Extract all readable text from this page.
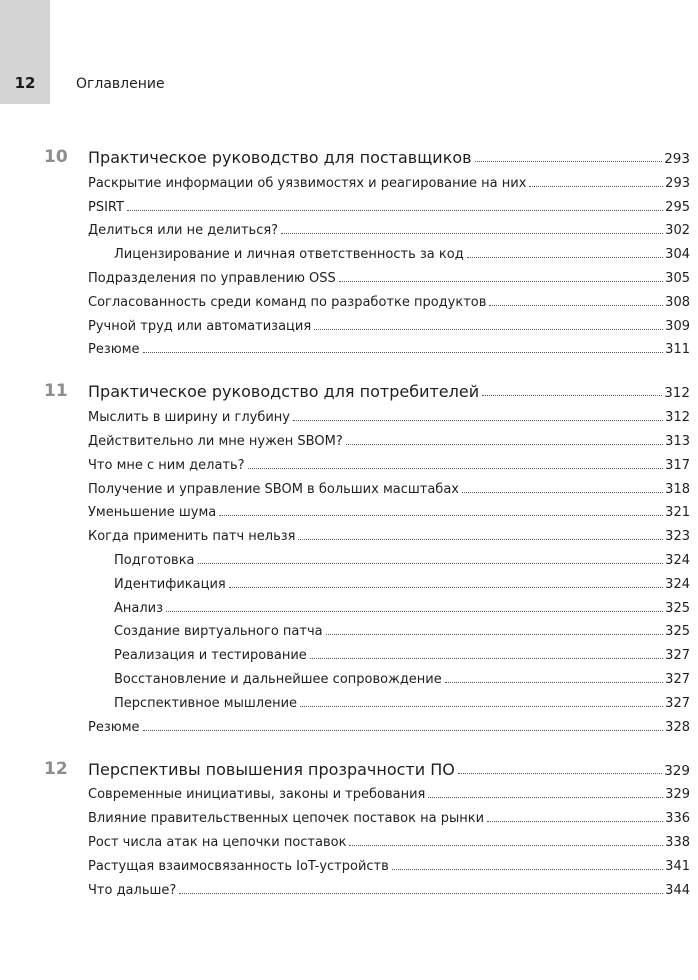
12	Оглавление
10	Практическое руководство для поставщиков	293
Раскрытие информации об уязвимостях и реагирование на них	293
PSIRT	295
Делиться или не делиться?	302
Лицензирование и личная ответственность за код	304
Подразделения по управлению OSS	305
Согласованность среди команд по разработке продуктов	308
Ручной труд или автоматизация	309
Резюме	311
11	Практическое руководство для потребителей	312
Мыслить в ширину и глубину	312
Действительно ли мне нужен SBOM?	313
Что мне с ним делать?	317
Получение и управление SBOM в больших масштабах	318
Уменьшение шума	321
Когда применить патч нельзя	323
Подготовка	324
Идентификация	324
Анализ	325
Создание виртуального патча	325
Реализация и тестирование	327
Восстановление и дальнейшее сопровождение	327
Перспективное мышление	327
Резюме	328
12	Перспективы повышения прозрачности ПО	329
Современные инициативы, законы и требования	329
Влияние правительственных цепочек поставок на рынки	336
Рост числа атак на цепочки поставок	338
Растущая взаимосвязанность IoT-устройств	341
Что дальше?	344
